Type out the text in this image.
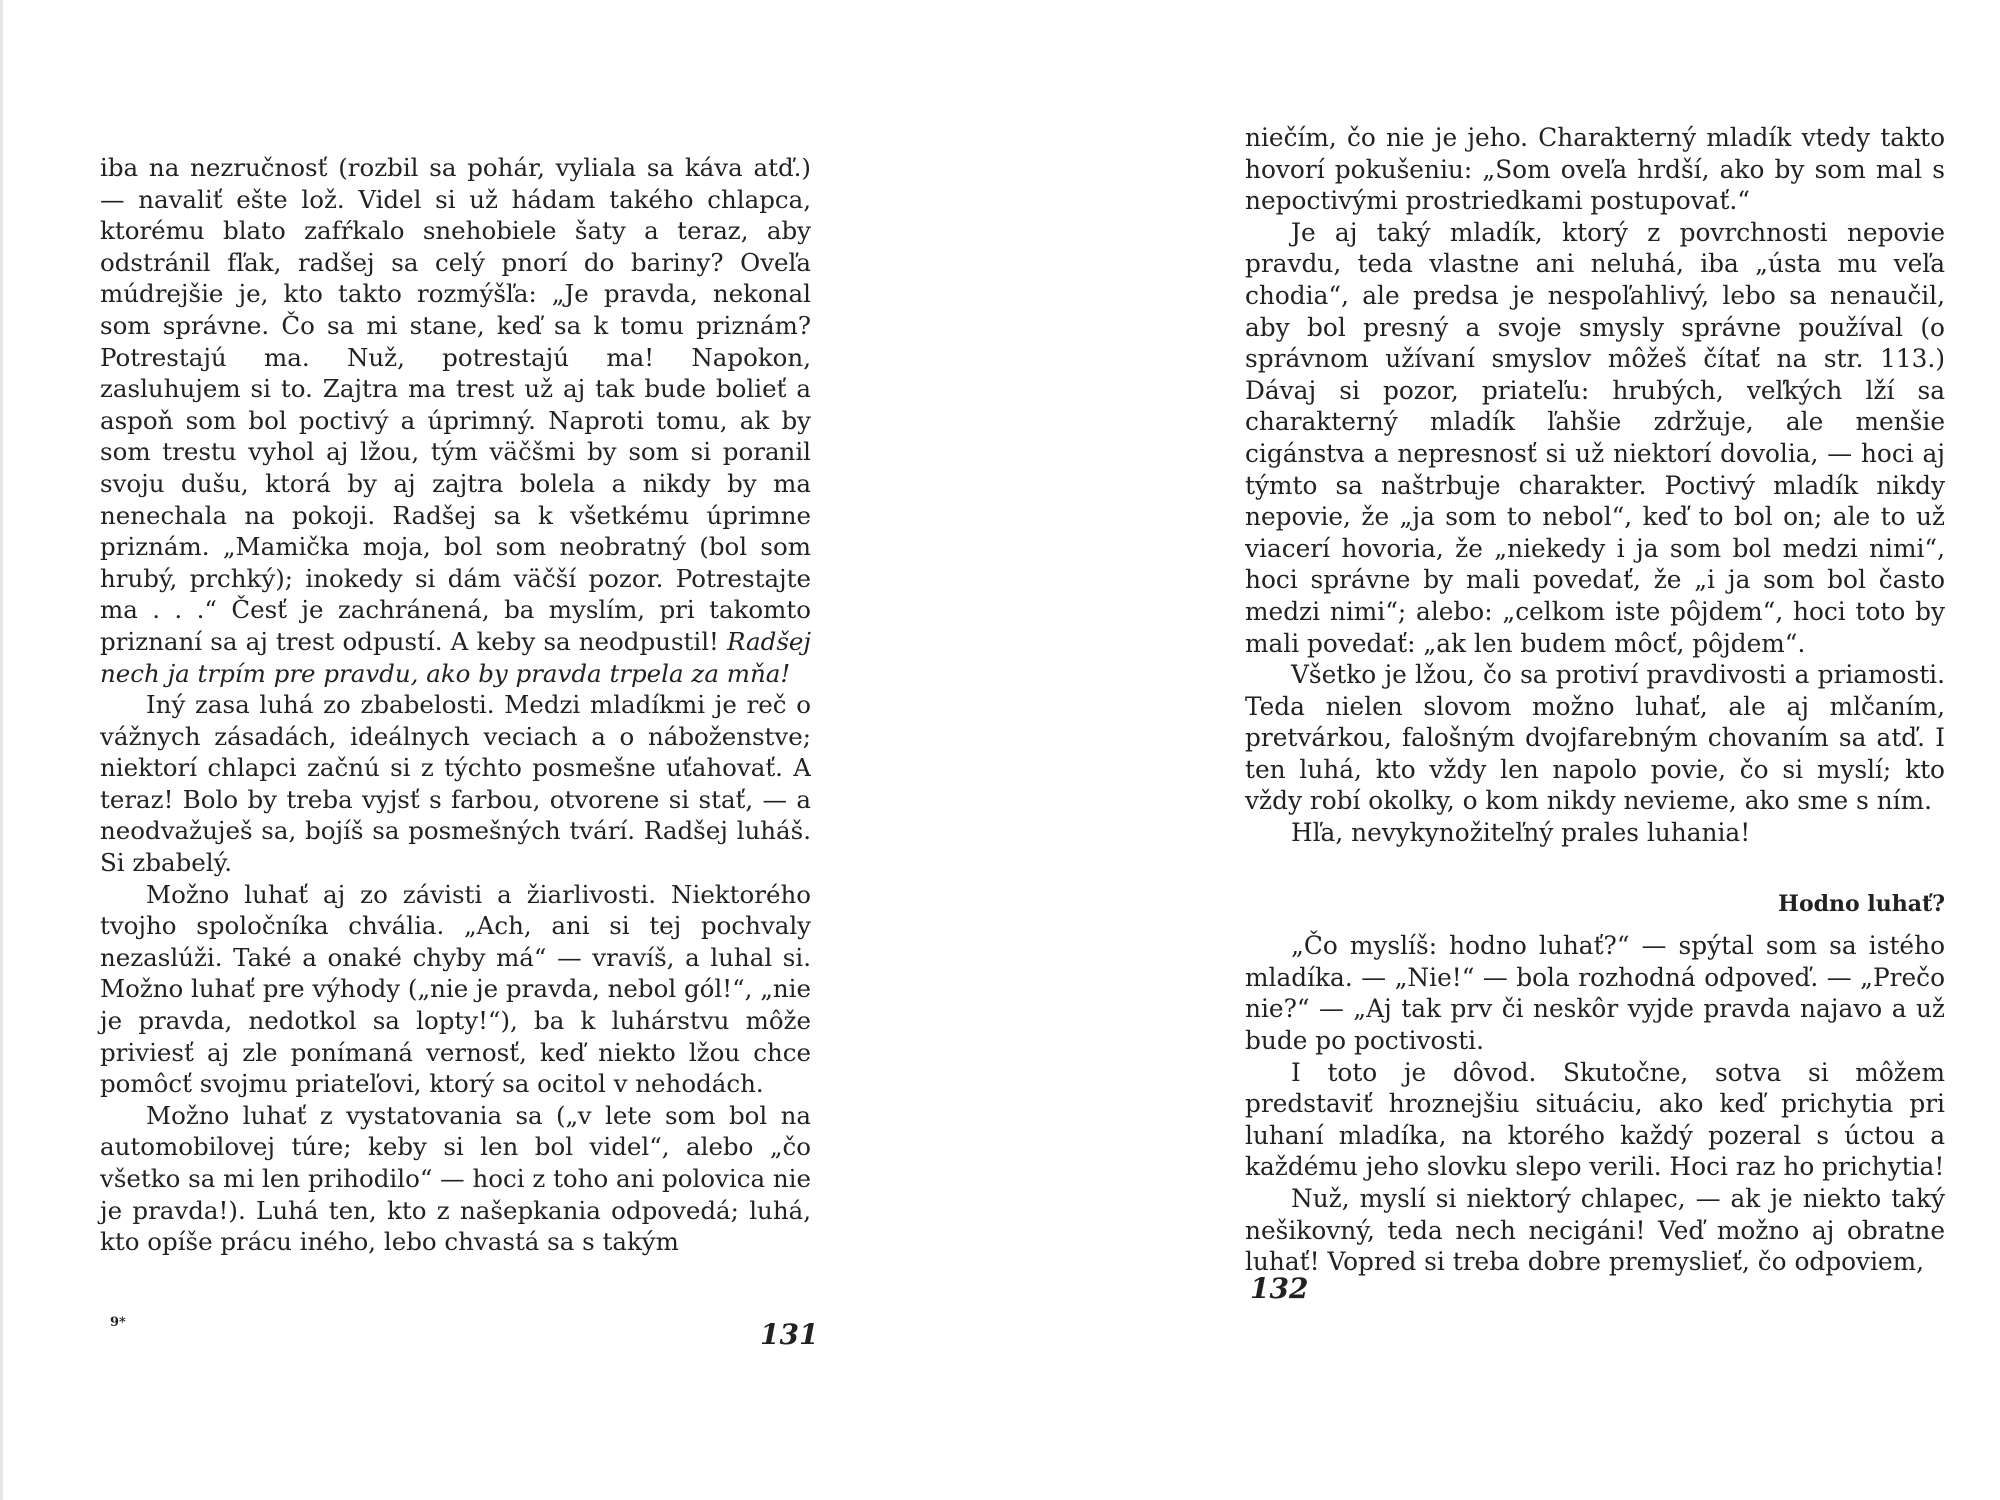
iba na nezručnosť (rozbil sa pohár, vyliala sa káva atď.) — navaliť ešte lož. Videl si už hádam takého chlapca, ktorému blato zafŕkalo snehobiele šaty a teraz, aby odstránil fľak, radšej sa celý pnorí do bariny? Oveľa múdrejšie je, kto takto rozmýšľa: „Je pravda, nekonal som správne. Čo sa mi stane, keď sa k tomu priznám? Potrestajú ma. Nuž, potrestajú ma! Napokon, zasluhujem si to. Zajtra ma trest už aj tak bude bolieť a aspoň som bol poctivý a úprimný. Naproti tomu, ak by som trestu vyhol aj lžou, tým väčšmi by som si poranil svoju dušu, ktorá by aj zajtra bolela a nikdy by ma nenechala na pokoji. Radšej sa k všetkému úprimne priznám. „Mamička moja, bol som neobratný (bol som hrubý, prchký); inokedy si dám väčší pozor. Potrestajte ma . . .“ Česť je zachránená, ba myslím, pri takomto priznaní sa aj trest odpustí. A keby sa neodpustil! Radšej nech ja trpím pre pravdu, ako by pravda trpela za mňa!

Iný zasa luhá zo zbabelosti. Medzi mladíkmi je reč o vážnych zásadách, ideálnych veciach a o náboženstve; niektorí chlapci začnú si z týchto posmešne uťahovať. A teraz! Bolo by treba vyjsť s farbou, otvorene si stať, — a neodvažuješ sa, bojíš sa posmešných tvárí. Radšej luháš. Si zbabelý.

Možno luhať aj zo závisti a žiarlivosti. Niektorého tvojho spoločníka chvália. „Ach, ani si tej pochvaly nezaslúži. Také a onaké chyby má“ — vravíš, a luhal si. Možno luhať pre výhody („nie je pravda, nebol gól!“, „nie je pravda, nedotkol sa lopty!“), ba k luhárstvu môže priviesť aj zle ponímaná vernosť, keď niekto lžou chce pomôcť svojmu priateľovi, ktorý sa ocitol v nehodách.

Možno luhať z vystatovania sa („v lete som bol na automobilovej túre; keby si len bol videl“, alebo „čo všetko sa mi len prihodilo“ — hoci z toho ani polovica nie je pravda!). Luhá ten, kto z našepkania odpovedá; luhá, kto opíše prácu iného, lebo chvastá sa s takým

9*	131

niečím, čo nie je jeho. Charakterný mladík vtedy takto hovorí pokušeniu: „Som oveľa hrdší, ako by som mal s nepoctivými prostriedkami postupovať.“

Je aj taký mladík, ktorý z povrchnosti nepovie pravdu, teda vlastne ani neluhá, iba „ústa mu veľa chodia“, ale predsa je nespoľahlivý, lebo sa nenaučil, aby bol presný a svoje smysly správne používal (o správnom užívaní smyslov môžeš čítať na str. 113.) Dávaj si pozor, priateľu: hrubých, veľkých lží sa charakterný mladík ľahšie zdržuje, ale menšie cigánstva a nepresnosť si už niektorí dovolia, — hoci aj týmto sa naštrbuje charakter. Poctivý mladík nikdy nepovie, že „ja som to nebol“, keď to bol on; ale to už viacerí hovoria, že „niekedy i ja som bol medzi nimi“, hoci správne by mali povedať, že „i ja som bol často medzi nimi“; alebo: „celkom iste pôjdem“, hoci toto by mali povedať: „ak len budem môcť, pôjdem“.

Všetko je lžou, čo sa protiví pravdivosti a priamosti. Teda nielen slovom možno luhať, ale aj mlčaním, pretvárkou, falošným dvojfarebným chovaním sa atď. I ten luhá, kto vždy len napolo povie, čo si myslí; kto vždy robí okolky, o kom nikdy nevieme, ako sme s ním.

Hľa, nevykynožiteľný prales luhania!

Hodno luhať?

„Čo myslíš: hodno luhať?“ — spýtal som sa istého mladíka. — „Nie!“ — bola rozhodná odpoveď. — „Prečo nie?“ — „Aj tak prv či neskôr vyjde pravda najavo a už bude po poctivosti.

I toto je dôvod. Skutočne, sotva si môžem predstaviť hroznejšiu situáciu, ako keď prichytia pri luhaní mladíka, na ktorého každý pozeral s úctou a každému jeho slovku slepo verili. Hoci raz ho prichytia!

Nuž, myslí si niektorý chlapec, — ak je niekto taký nešikovný, teda nech necigáni! Veď možno aj obratne luhať! Vopred si treba dobre premyslieť, čo odpoviem,

132
